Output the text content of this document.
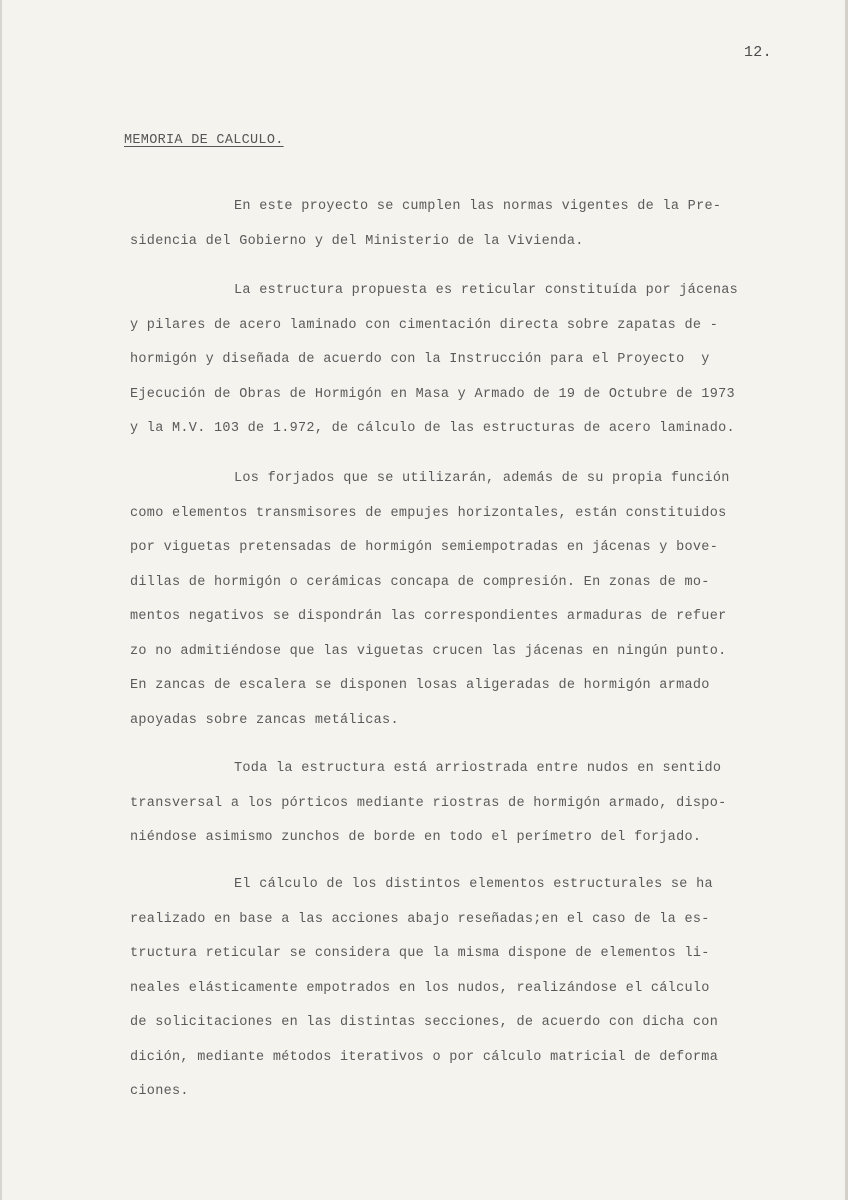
12.
MEMORIA DE CALCULO.
En este proyecto se cumplen las normas vigentes de la Pre-
sidencia del Gobierno y del Ministerio de la Vivienda.
La estructura propuesta es reticular constituída por jácenas
y pilares de acero laminado con cimentación directa sobre zapatas de -
hormigón y diseñada de acuerdo con la Instrucción para el Proyecto  y
Ejecución de Obras de Hormigón en Masa y Armado de 19 de Octubre de 1973
y la M.V. 103 de 1.972, de cálculo de las estructuras de acero laminado.
Los forjados que se utilizarán, además de su propia función
como elementos transmisores de empujes horizontales, están constituidos
por viguetas pretensadas de hormigón semiempotradas en jácenas y bove-
dillas de hormigón o cerámicas concapa de compresión. En zonas de mo-
mentos negativos se dispondrán las correspondientes armaduras de refuer
zo no admitiéndose que las viguetas crucen las jácenas en ningún punto.
En zancas de escalera se disponen losas aligeradas de hormigón armado
apoyadas sobre zancas metálicas.
Toda la estructura está arriostrada entre nudos en sentido
transversal a los pórticos mediante riostras de hormigón armado, dispo-
niéndose asimismo zunchos de borde en todo el perímetro del forjado.
El cálculo de los distintos elementos estructurales se ha
realizado en base a las acciones abajo reseñadas;en el caso de la es-
tructura reticular se considera que la misma dispone de elementos li-
neales elásticamente empotrados en los nudos, realizándose el cálculo
de solicitaciones en las distintas secciones, de acuerdo con dicha con
dición, mediante métodos iterativos o por cálculo matricial de deforma
ciones.
